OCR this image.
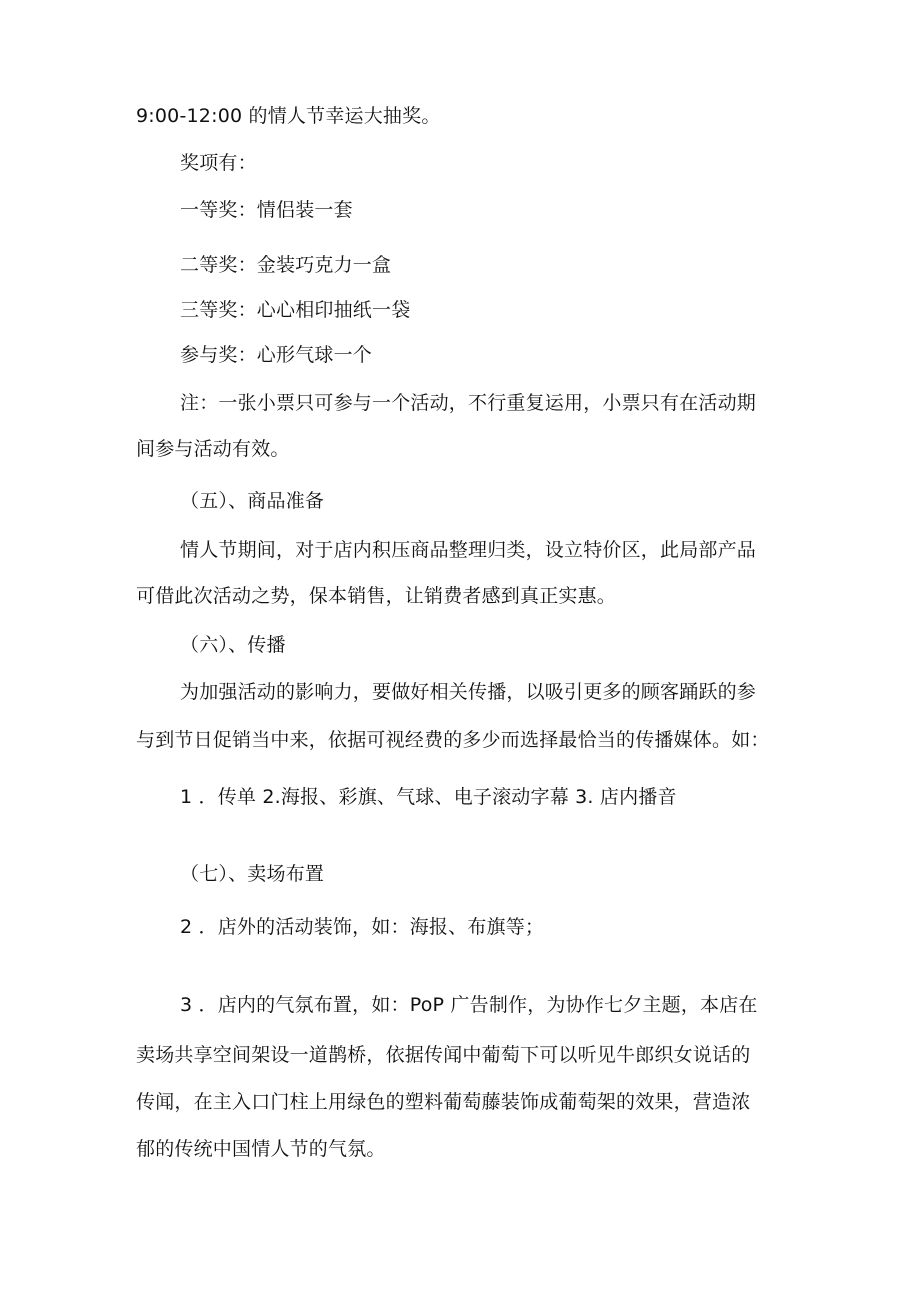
9:00-12:00 的情人节幸运大抽奖。
奖项有：
一等奖：情侣装一套
二等奖：金装巧克力一盒
三等奖：心心相印抽纸一袋
参与奖：心形气球一个
注：一张小票只可参与一个活动，不行重复运用，小票只有在活动期
间参与活动有效。
（五）、商品准备
情人节期间，对于店内积压商品整理归类，设立特价区，此局部产品
可借此次活动之势，保本销售，让销费者感到真正实惠。
（六）、传播
为加强活动的影响力，要做好相关传播，以吸引更多的顾客踊跃的参
与到节日促销当中来，依据可视经费的多少而选择最恰当的传播媒体。如：
1 ．传单 2.海报、彩旗、气球、电子滚动字幕 3. 店内播音
（七）、卖场布置
2 ．店外的活动装饰，如：海报、布旗等；
3 ．店内的气氛布置，如：PoP 广告制作，为协作七夕主题，本店在
卖场共享空间架设一道鹊桥，依据传闻中葡萄下可以听见牛郎织女说话的
传闻，在主入口门柱上用绿色的塑料葡萄藤装饰成葡萄架的效果，营造浓
郁的传统中国情人节的气氛。
